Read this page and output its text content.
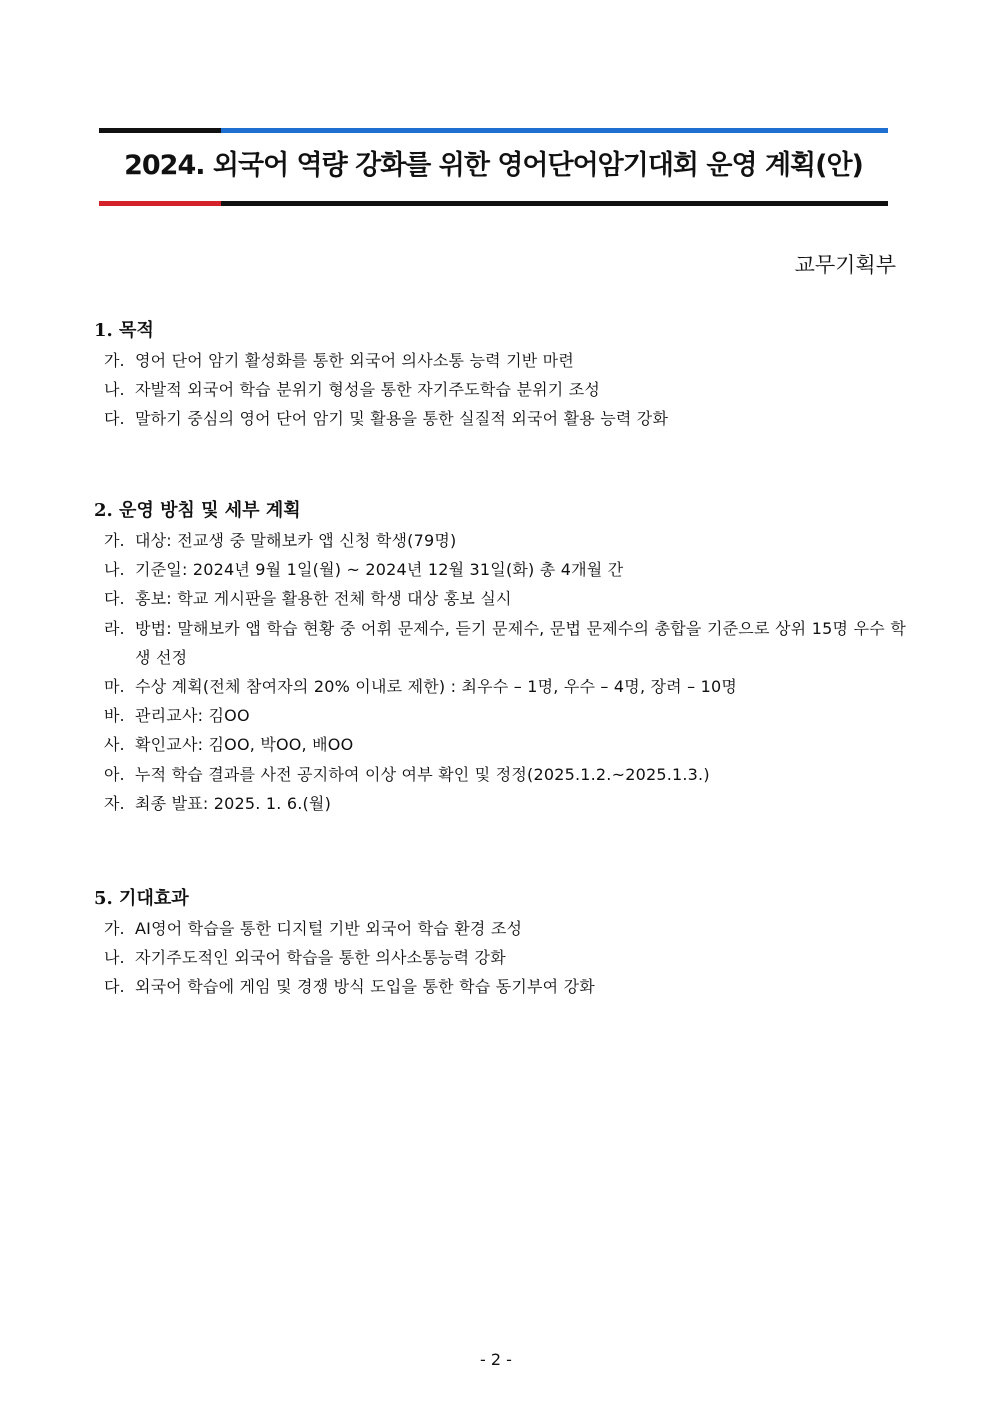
2024. 외국어 역량 강화를 위한 영어단어암기대회 운영 계획(안)
교무기획부
1. 목적
가. 영어 단어 암기 활성화를 통한 외국어 의사소통 능력 기반 마련
나. 자발적 외국어 학습 분위기 형성을 통한 자기주도학습 분위기 조성
다. 말하기 중심의 영어 단어 암기 및 활용을 통한 실질적 외국어 활용 능력 강화
2. 운영 방침 및 세부 계획
가. 대상: 전교생 중 말해보카 앱 신청 학생(79명)
나. 기준일: 2024년 9월 1일(월) ~ 2024년 12월 31일(화) 총 4개월 간
다. 홍보: 학교 게시판을 활용한 전체 학생 대상 홍보 실시
라. 방법: 말해보카 앱 학습 현황 중 어휘 문제수, 듣기 문제수, 문법 문제수의 총합을 기준으로 상위 15명 우수 학생 선정
마. 수상 계획(전체 참여자의 20% 이내로 제한) : 최우수 – 1명, 우수 – 4명, 장려 – 10명
바. 관리교사: 김OO
사. 확인교사: 김OO, 박OO, 배OO
아. 누적 학습 결과를 사전 공지하여 이상 여부 확인 및 정정(2025.1.2.~2025.1.3.)
자. 최종 발표: 2025. 1. 6.(월)
5. 기대효과
가. AI영어 학습을 통한 디지털 기반 외국어 학습 환경 조성
나. 자기주도적인 외국어 학습을 통한 의사소통능력 강화
다. 외국어 학습에 게임 및 경쟁 방식 도입을 통한 학습 동기부여 강화
- 2 -
